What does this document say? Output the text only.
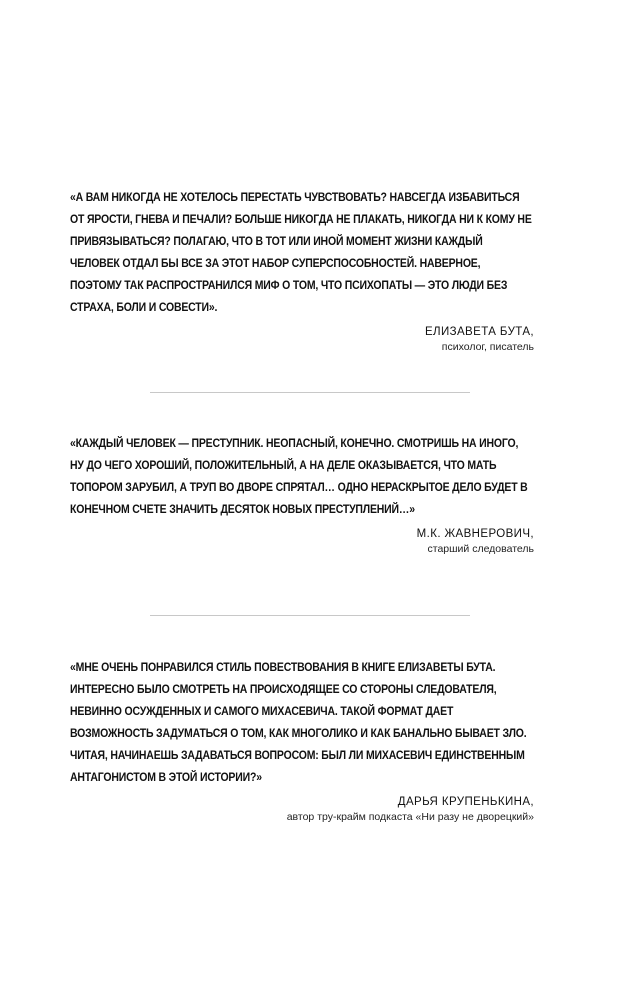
«А ВАМ НИКОГДА НЕ ХОТЕЛОСЬ ПЕРЕСТАТЬ ЧУВСТВОВАТЬ? НАВСЕГДА ИЗБАВИТЬСЯ ОТ ЯРОСТИ, ГНЕВА И ПЕЧАЛИ? БОЛЬШЕ НИКОГДА НЕ ПЛАКАТЬ, НИКОГДА НИ К КОМУ НЕ ПРИВЯЗЫВАТЬСЯ? ПОЛАГАЮ, ЧТО В ТОТ ИЛИ ИНОЙ МОМЕНТ ЖИЗНИ КАЖДЫЙ ЧЕЛОВЕК ОТДАЛ БЫ ВСЕ ЗА ЭТОТ НАБОР СУПЕРСПОСОБНОСТЕЙ. НАВЕРНОЕ, ПОЭТОМУ ТАК РАСПРОСТРАНИЛСЯ МИФ О ТОМ, ЧТО ПСИХОПАТЫ — ЭТО ЛЮДИ БЕЗ СТРАХА, БОЛИ И СОВЕСТИ».

ЕЛИЗАВЕТА БУТА,
психолог, писатель

«КАЖДЫЙ ЧЕЛОВЕК — ПРЕСТУПНИК. НЕОПАСНЫЙ, КОНЕЧНО. СМОТРИШЬ НА ИНОГО, НУ ДО ЧЕГО ХОРОШИЙ, ПОЛОЖИТЕЛЬНЫЙ, А НА ДЕЛЕ ОКАЗЫВАЕТСЯ, ЧТО МАТЬ ТОПОРОМ ЗАРУБИЛ, А ТРУП ВО ДВОРЕ СПРЯТАЛ… ОДНО НЕРАСКРЫТОЕ ДЕЛО БУДЕТ В КОНЕЧНОМ СЧЕТЕ ЗНАЧИТЬ ДЕСЯТОК НОВЫХ ПРЕСТУПЛЕНИЙ…»

М.К. ЖАВНЕРОВИЧ,
старший следователь

«МНЕ ОЧЕНЬ ПОНРАВИЛСЯ СТИЛЬ ПОВЕСТВОВАНИЯ В КНИГЕ ЕЛИЗАВЕТЫ БУТА. ИНТЕРЕСНО БЫЛО СМОТРЕТЬ НА ПРОИСХОДЯЩЕЕ СО СТОРОНЫ СЛЕДОВАТЕЛЯ, НЕВИННО ОСУЖДЕННЫХ И САМОГО МИХАСЕВИЧА. ТАКОЙ ФОРМАТ ДАЕТ ВОЗМОЖНОСТЬ ЗАДУМАТЬСЯ О ТОМ, КАК МНОГОЛИКО И КАК БАНАЛЬНО БЫВАЕТ ЗЛО. ЧИТАЯ, НАЧИНАЕШЬ ЗАДАВАТЬСЯ ВОПРОСОМ: БЫЛ ЛИ МИХАСЕВИЧ ЕДИНСТВЕННЫМ АНТАГОНИСТОМ В ЭТОЙ ИСТОРИИ?»

ДАРЬЯ КРУПЕНЬКИНА,
автор тру-крайм подкаста «Ни разу не дворецкий»
